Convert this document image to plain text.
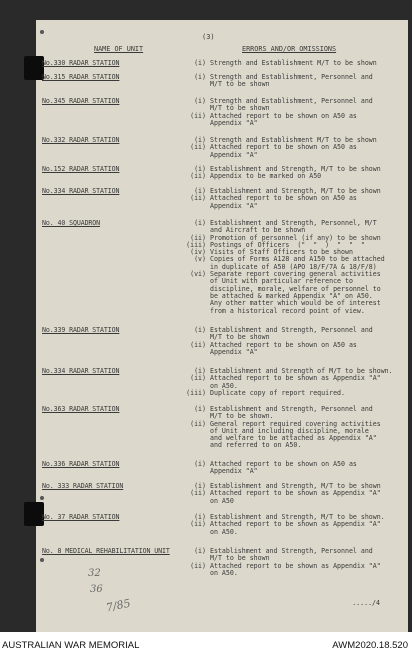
(3)
NAME OF UNIT	ERRORS AND/OR OMISSIONS
No.330 RADAR STATION	(i) Strength and Establishment M/T to be shown
No.315 RADAR STATION	(i) Strength and Establishment, Personnel and
M/T to be shown
No.345 RADAR STATION	(i) Strength and Establishment, Personnel and
M/T to be shown
(ii) Attached report to be shown on A50 as
Appendix "A"
No.332 RADAR STATION	(i) Strength and Establishment M/T to be shown
(ii) Attached report to be shown on A50 as
Appendix "A"
No.152 RADAR STATION	(i) Establishment and Strength, M/T to be shown
(ii) Appendix to be marked on A50
No.334 RADAR STATION	(i) Establishment and Strength, M/T to be shown
(ii) Attached report to be shown on A50 as
Appendix "A"
No. 40 SQUADRON	(i) Establishment and Strength, Personnel, M/T
and Aircraft to be shown
(ii) Promotion of personnel (if any) to be shown
(iii) Postings of Officers  ("  "  )  "  "  "
(iv) Visits of Staff Officers to be shown
(v) Copies of Forms A128 and A150 to be attached
in duplicate of A50 (APO 18/F/7A & 18/F/8)
(vi) Separate report covering general activities
of Unit with particular reference to
discipline, morale, welfare of personnel to
be attached & marked Appendix "A" on A50.
Any other matter which would be of interest
from a historical record point of view.
No.339 RADAR STATION	(i) Establishment and Strength, Personnel and
M/T to be shown
(ii) Attached report to be shown on A50 as
Appendix "A"
No.334 RADAR STATION	(i) Establishment and Strength of M/T to be shown.
(ii) Attached report to be shown as Appendix "A"
on A50.
(iii) Duplicate copy of report required.
No.363 RADAR STATION	(i) Establishment and Strength, Personnel and
M/T to be shown.
(ii) General report required covering activities
of Unit and including discipline, morale
and welfare to be attached as Appendix "A"
and referred to on A50.
No.336 RADAR STATION	(i) Attached report to be shown on A50 as
Appendix "A"
No. 333 RADAR STATION	(i) Establishment and Strength, M/T to be shown
(ii) Attached report to be shown as Appendix "A"
on A50
No. 37 RADAR STATION	(i) Establishment and Strength, M/T to be shown.
(ii) Attached report to be shown as Appendix "A"
on A50.
No. 8 MEDICAL REHABILITATION UNIT	(i) Establishment and Strength, Personnel and
M/T to be shown
(ii) Attached report to be shown as Appendix "A"
on A50.
...../4
32
36
7/85
AUSTRALIAN WAR MEMORIAL	AWM2020.18.520
